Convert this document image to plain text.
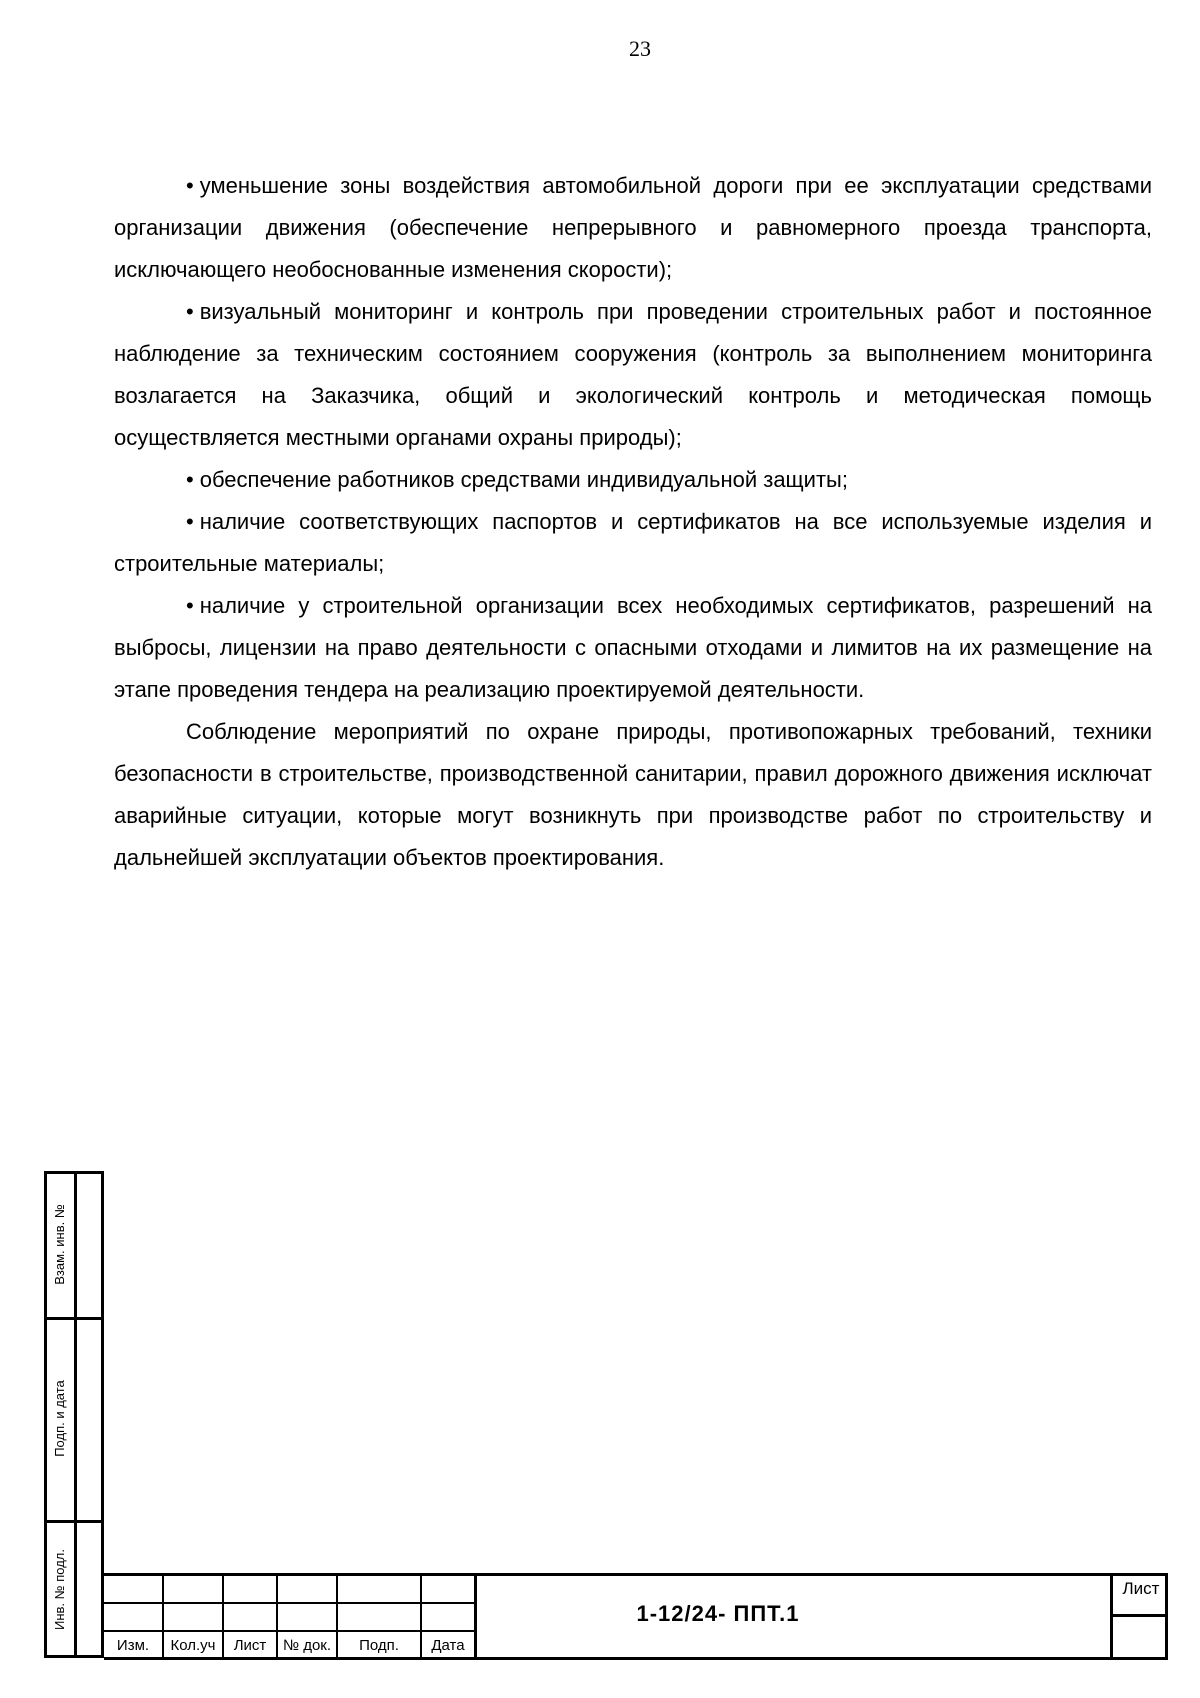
23

• уменьшение зоны воздействия автомобильной дороги при ее эксплуатации средствами организации движения (обеспечение непрерывного и равномерного проезда транспорта, исключающего необоснованные изменения скорости);

• визуальный мониторинг и контроль при проведении строительных работ и постоянное наблюдение за техническим состоянием сооружения (контроль за выполнением мониторинга возлагается на Заказчика, общий и экологический контроль и методическая помощь осуществляется местными органами охраны природы);

• обеспечение работников средствами индивидуальной защиты;

• наличие соответствующих паспортов и сертификатов на все используемые изделия и строительные материалы;

• наличие у строительной организации всех необходимых сертификатов, разрешений на выбросы, лицензии на право деятельности с опасными отходами и лимитов на их размещение на этапе проведения тендера на реализацию проектируемой деятельности.

Соблюдение мероприятий по охране природы, противопожарных требований, техники безопасности в строительстве, производственной санитарии, правил дорожного движения исключат аварийные ситуации, которые могут возникнуть при производстве работ по строительству и дальнейшей эксплуатации объектов проектирования.

Взам. инв. №
Подп. и дата
Инв. № подл.
Изм.	Кол.уч	Лист	№ док.	Подп.	Дата
1-12/24- ППТ.1
Лист
